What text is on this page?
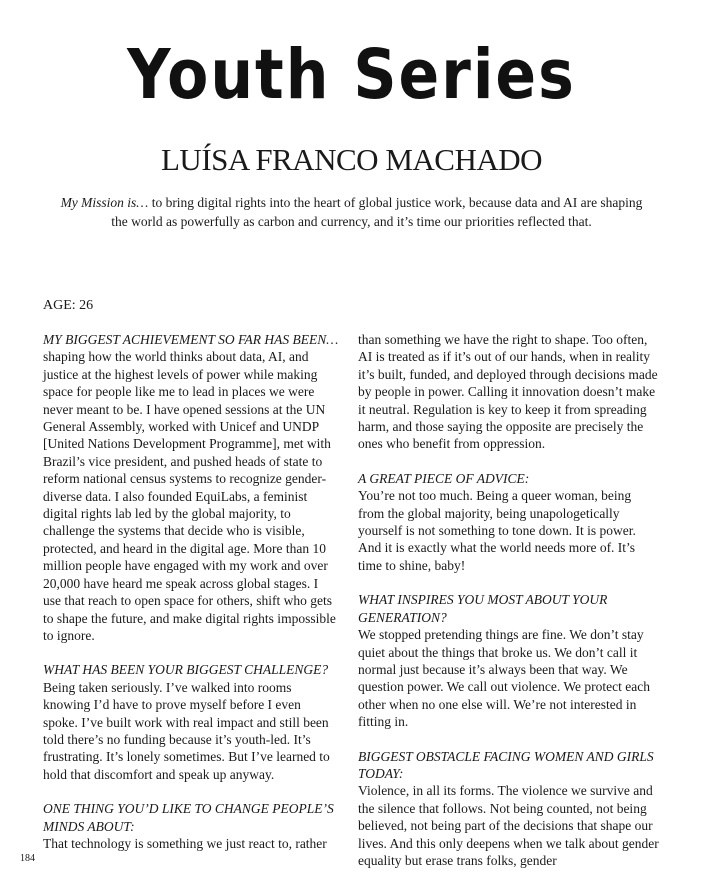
Youth Series
LUÍSA FRANCO MACHADO
My Mission is… to bring digital rights into the heart of global justice work, because data and AI are shaping the world as powerfully as carbon and currency, and it’s time our priorities reflected that.
AGE: 26
MY BIGGEST ACHIEVEMENT SO FAR HAS BEEN…shaping how the world thinks about data, AI, and justice at the highest levels of power while making space for people like me to lead in places we were never meant to be. I have opened sessions at the UN General Assembly, worked with Unicef and UNDP [United Nations Development Programme], met with Brazil’s vice president, and pushed heads of state to reform national census systems to recognize gender-diverse data. I also founded EquiLabs, a feminist digital rights lab led by the global majority, to challenge the systems that decide who is visible, protected, and heard in the digital age. More than 10 million people have engaged with my work and over 20,000 have heard me speak across global stages. I use that reach to open space for others, shift who gets to shape the future, and make digital rights impossible to ignore.
WHAT HAS BEEN YOUR BIGGEST CHALLENGE?
Being taken seriously. I’ve walked into rooms knowing I’d have to prove myself before I even spoke. I’ve built work with real impact and still been told there’s no funding because it’s youth-led. It’s frustrating. It’s lonely sometimes. But I’ve learned to hold that discomfort and speak up anyway.
ONE THING YOU’D LIKE TO CHANGE PEOPLE’S MINDS ABOUT:
That technology is something we just react to, rather
than something we have the right to shape. Too often, AI is treated as if it’s out of our hands, when in reality it’s built, funded, and deployed through decisions made by people in power. Calling it innovation doesn’t make it neutral. Regulation is key to keep it from spreading harm, and those saying the opposite are precisely the ones who benefit from oppression.
A GREAT PIECE OF ADVICE:
You’re not too much. Being a queer woman, being from the global majority, being unapologetically yourself is not something to tone down. It is power. And it is exactly what the world needs more of. It’s time to shine, baby!
WHAT INSPIRES YOU MOST ABOUT YOUR GENERATION?
We stopped pretending things are fine. We don’t stay quiet about the things that broke us. We don’t call it normal just because it’s always been that way. We question power. We call out violence. We protect each other when no one else will. We’re not interested in fitting in.
BIGGEST OBSTACLE FACING WOMEN AND GIRLS TODAY:
Violence, in all its forms. The violence we survive and the silence that follows. Not being counted, not being believed, not being part of the decisions that shape our lives. And this only deepens when we talk about gender equality but erase trans folks, gender
184
